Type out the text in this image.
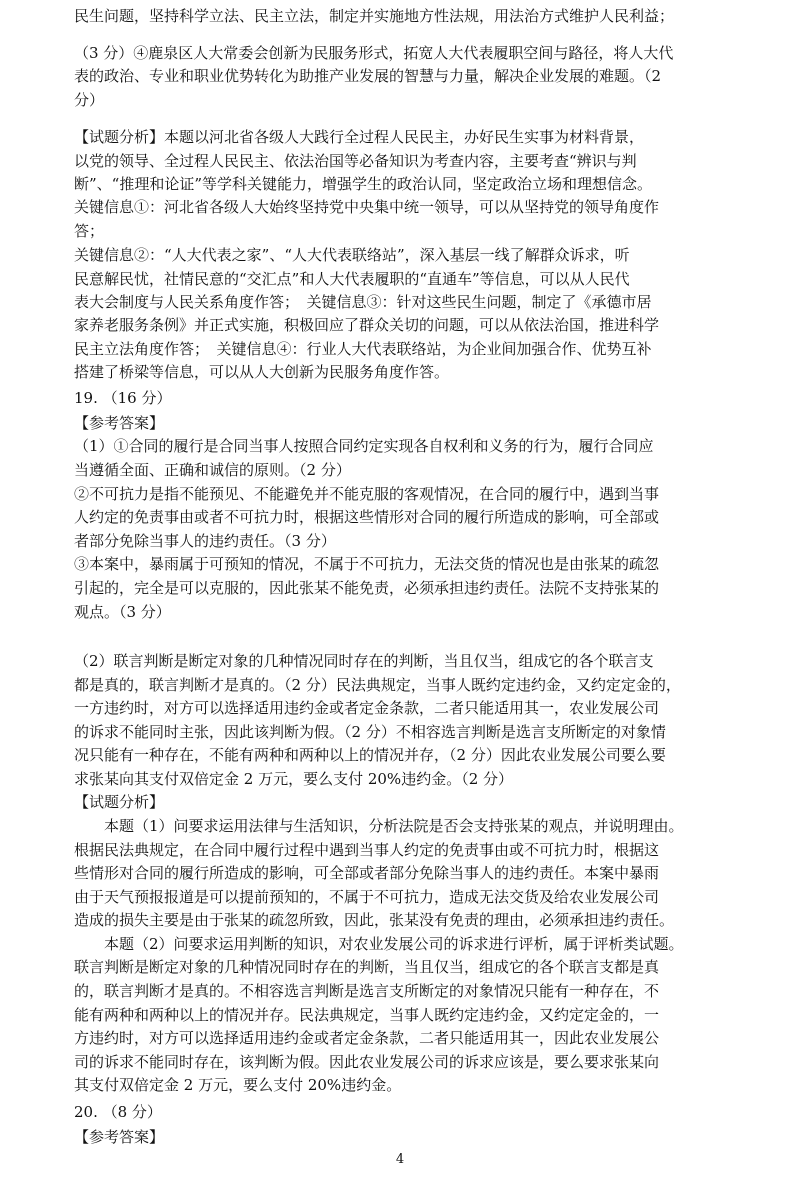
民生问题，坚持科学立法、民主立法，制定并实施地方性法规，用法治方式维护人民利益；
（3 分）④鹿泉区人大常委会创新为民服务形式，拓宽人大代表履职空间与路径，将人大代
表的政治、专业和职业优势转化为助推产业发展的智慧与力量，解决企业发展的难题。（2
分）
【试题分析】本题以河北省各级人大践行全过程人民民主，办好民生实事为材料背景，
以党的领导、全过程人民民主、依法治国等必备知识为考查内容，主要考查“辨识与判
断”、“推理和论证”等学科关键能力，增强学生的政治认同，坚定政治立场和理想信念。
关键信息①：河北省各级人大始终坚持党中央集中统一领导，可以从坚持党的领导角度作
答；
关键信息②：“人大代表之家”、“人大代表联络站”，深入基层一线了解群众诉求，听
民意解民忧，社情民意的“交汇点”和人大代表履职的“直通车”等信息，可以从人民代
表大会制度与人民关系角度作答；　关键信息③：针对这些民生问题，制定了《承德市居
家养老服务条例》并正式实施，积极回应了群众关切的问题，可以从依法治国，推进科学
民主立法角度作答；　关键信息④：行业人大代表联络站，为企业间加强合作、优势互补
搭建了桥梁等信息，可以从人大创新为民服务角度作答。
19. （16 分）
【参考答案】
（1）①合同的履行是合同当事人按照合同约定实现各自权利和义务的行为，履行合同应
当遵循全面、正确和诚信的原则。（2 分）
②不可抗力是指不能预见、不能避免并不能克服的客观情况，在合同的履行中，遇到当事
人约定的免责事由或者不可抗力时，根据这些情形对合同的履行所造成的影响，可全部或
者部分免除当事人的违约责任。（3 分）
③本案中，暴雨属于可预知的情况，不属于不可抗力，无法交货的情况也是由张某的疏忽
引起的，完全是可以克服的，因此张某不能免责，必须承担违约责任。法院不支持张某的
观点。（3 分）
（2）联言判断是断定对象的几种情况同时存在的判断，当且仅当，组成它的各个联言支
都是真的，联言判断才是真的。（2 分）民法典规定，当事人既约定违约金，又约定定金的，
一方违约时，对方可以选择适用违约金或者定金条款，二者只能适用其一，农业发展公司
的诉求不能同时主张，因此该判断为假。（2 分）不相容选言判断是选言支所断定的对象情
况只能有一种存在，不能有两种和两种以上的情况并存，（2 分）因此农业发展公司要么要
求张某向其支付双倍定金 2 万元，要么支付 20%违约金。（2 分）
【试题分析】
　　本题（1）问要求运用法律与生活知识，分析法院是否会支持张某的观点，并说明理由。
根据民法典规定，在合同中履行过程中遇到当事人约定的免责事由或不可抗力时，根据这
些情形对合同的履行所造成的影响，可全部或者部分免除当事人的违约责任。本案中暴雨
由于天气预报报道是可以提前预知的，不属于不可抗力，造成无法交货及给农业发展公司
造成的损失主要是由于张某的疏忽所致，因此，张某没有免责的理由，必须承担违约责任。
　　本题（2）问要求运用判断的知识，对农业发展公司的诉求进行评析，属于评析类试题。
联言判断是断定对象的几种情况同时存在的判断，当且仅当，组成它的各个联言支都是真
的，联言判断才是真的。不相容选言判断是选言支所断定的对象情况只能有一种存在，不
能有两种和两种以上的情况并存。民法典规定，当事人既约定违约金，又约定定金的，一
方违约时，对方可以选择适用违约金或者定金条款，二者只能适用其一，因此农业发展公
司的诉求不能同时存在，该判断为假。因此农业发展公司的诉求应该是，要么要求张某向
其支付双倍定金 2 万元，要么支付 20%违约金。
20. （8 分）
【参考答案】
4
